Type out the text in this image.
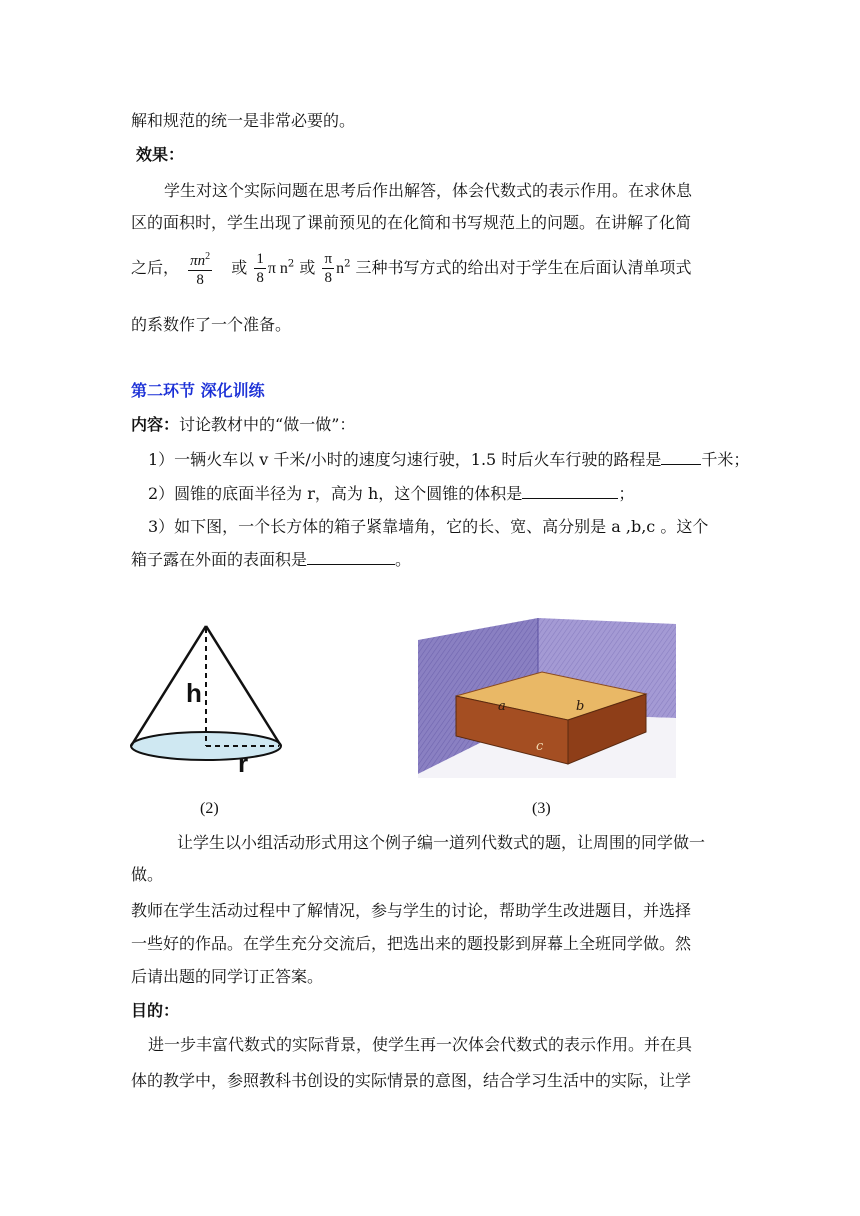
解和规范的统一是非常必要的。
效果：
学生对这个实际问题在思考后作出解答，体会代数式的表示作用。在求休息
区的面积时，学生出现了课前预见的在化简和书写规范上的问题。在讲解了化简
之后， $\frac{\pi n^2}{8}$ 或 $\frac{1}{8}$ π $n^2$ 或 $\frac{\pi}{8} n^2$ 三种书写方式的给出对于学生在后面认清单项式
的系数作了一个准备。
第二环节 深化训练
内容：讨论教材中的“做一做”：
1）一辆火车以 v 千米/小时的速度匀速行驶，1.5 时后火车行驶的路程是	千米；
2）圆锥的底面半径为 r，高为 h，这个圆锥的体积是	；
3）如下图，一个长方体的箱子紧靠墙角，它的长、宽、高分别是 a ,b,c 。这个
箱子露在外面的表面积是	。
h
r
a	b
c
(2)	(3)
让学生以小组活动形式用这个例子编一道列代数式的题，让周围的同学做一
做。
教师在学生活动过程中了解情况，参与学生的讨论，帮助学生改进题目，并选择
一些好的作品。在学生充分交流后，把选出来的题投影到屏幕上全班同学做。然
后请出题的同学订正答案。
目的：
进一步丰富代数式的实际背景，使学生再一次体会代数式的表示作用。并在具
体的教学中，参照教科书创设的实际情景的意图，结合学习生活中的实际，让学
